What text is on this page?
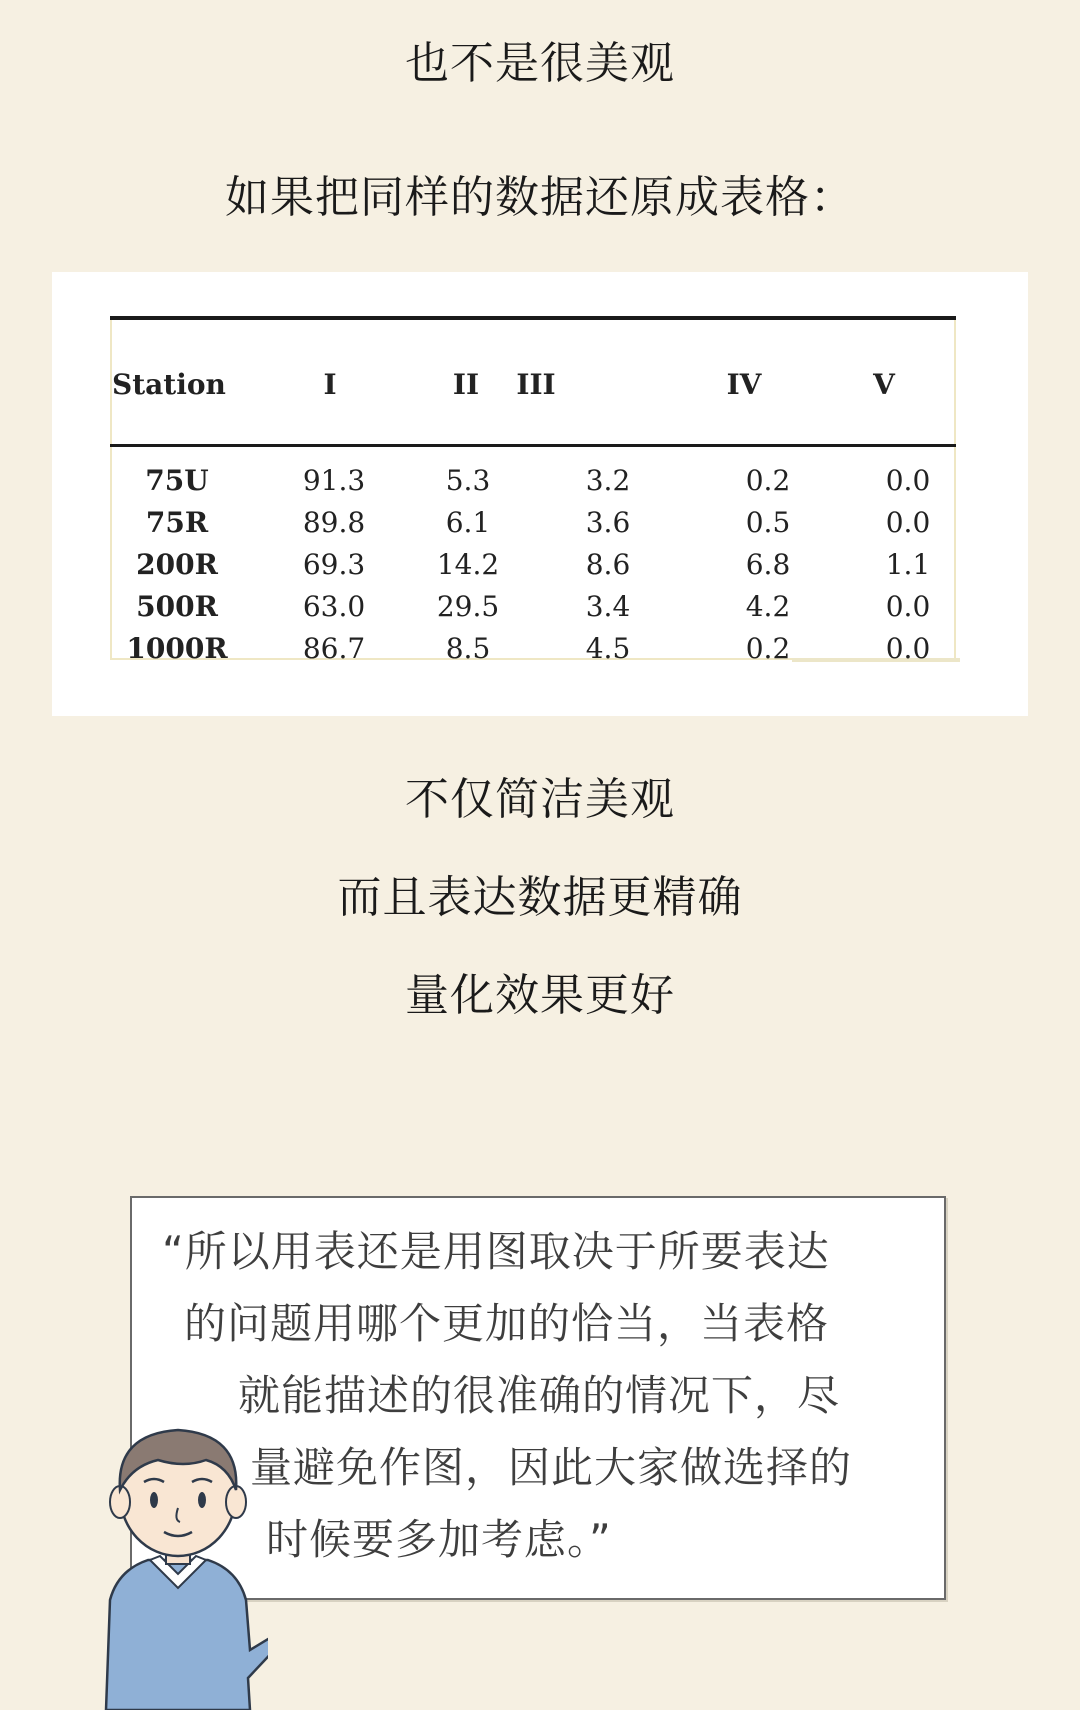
也不是很美观
如果把同样的数据还原成表格：
Station	I	II	III	IV	V
75U	91.3	5.3	3.2	0.2	0.0
75R	89.8	6.1	3.6	0.5	0.0
200R	69.3	14.2	8.6	6.8	1.1
500R	63.0	29.5	3.4	4.2	0.0
1000R	86.7	8.5	4.5	0.2	0.0
不仅简洁美观
而且表达数据更精确
量化效果更好
“所以用表还是用图取决于所要表达
的问题用哪个更加的恰当，当表格
就能描述的很准确的情况下，尽
量避免作图，因此大家做选择的
时候要多加考虑。”
